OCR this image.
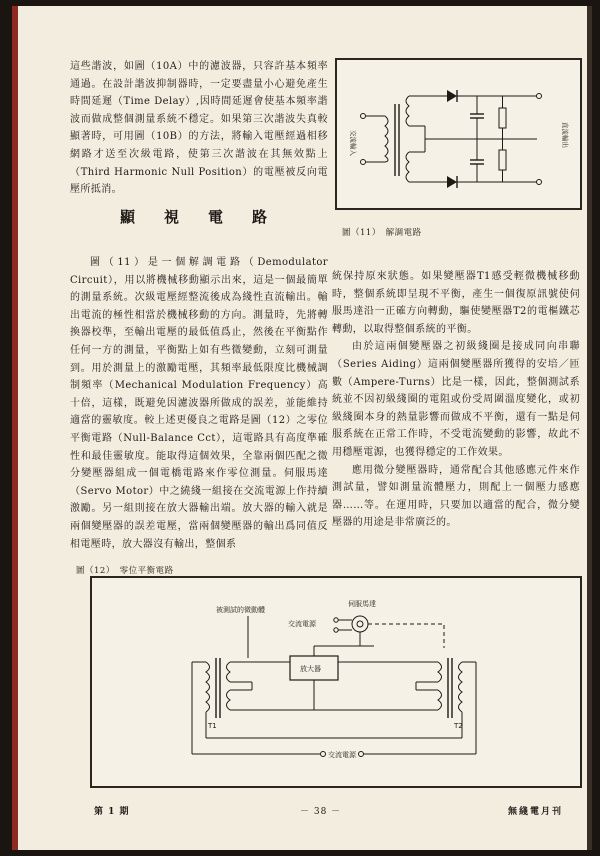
這些諧波，如圖（10A）中的濾波器，只容許基本頻率通過。在設計諧波抑制器時，一定要盡量小心避免產生時間延遲（Time Delay）,因時間延遲會使基本頻率諧波而做成整個測量系統不穩定。如果第三次諧波失真較顯著時，可用圖（10B）的方法，將輸入電壓經過相移網路才送至次級電路，使第三次諧波在其無效點上（Third Harmonic Null Position）的電壓被反向電壓所抵消。

交流輸入	直流輸出
圖（11）　解調電路
顯視電路

圖（11）是一個解調電路（Demodulator Circuit），用以將機械移動顯示出來，這是一個最簡單的測量系統。次級電壓經整流後成為綫性直流輸出。輸出電流的極性相當於機械移動的方向。測量時，先將轉換器校準，至輸出電壓的最低值爲止，然後在平衡點作任何一方的測量，平衡點上如有些微變動，立刻可測量到。用於測量上的激勵電壓，其頻率最低限度比機械調制頻率（Mechanical Modulation Frequency）高十倍，這樣，既避免因濾波器所做成的誤差，並能維持適當的靈敏度。較上述更優良之電路是圖（12）之零位平衡電路（Null-Balance Cct），這電路具有高度準確性和最佳靈敏度。能取得這個效果，全靠兩個匹配之微分變壓器組成一個電橋電路來作零位測量。伺服馬達（Servo Motor）中之繞綫一組接在交流電源上作持續激勵。另一組則接在放大器輸出端。放大器的輸入就是兩個變壓器的誤差電壓，當兩個變壓器的輸出爲同值反相電壓時，放大器沒有輸出，整個系

統保持原來狀態。如果變壓器T1感受輕微機械移動時，整個系統即呈現不平衡，產生一個復原訊號使伺服馬達沿一正確方向轉動，驅使變壓器T2的電樞鐵芯轉動，以取得整個系統的平衡。

由於這兩個變壓器之初級綫圈是接成同向串聯（Series Aiding）這兩個變壓器所獲得的安培／匝數（Ampere-Turns）比是一樣，因此，整個測試系統並不因初級綫圈的電阻或份受周圍溫度變化，或初級綫圈本身的熱量影響而做成不平衡，還有一點是伺服系統在正常工作時，不受電流變動的影響，故此不用穩壓電源，也獲得穩定的工作效果。

應用微分變壓器時，通常配合其他感應元件來作測試量，譬如測量流體壓力，則配上一個壓力感應器……等。在運用時，只要加以適當的配合，微分變壓器的用途是非常廣泛的。

圖（12）　零位平衡電路
被測試的微動體
伺服馬達
交流電源
放大器
T1	T2
交流電源
第 1 期	－ 38 －	無綫電月刊
